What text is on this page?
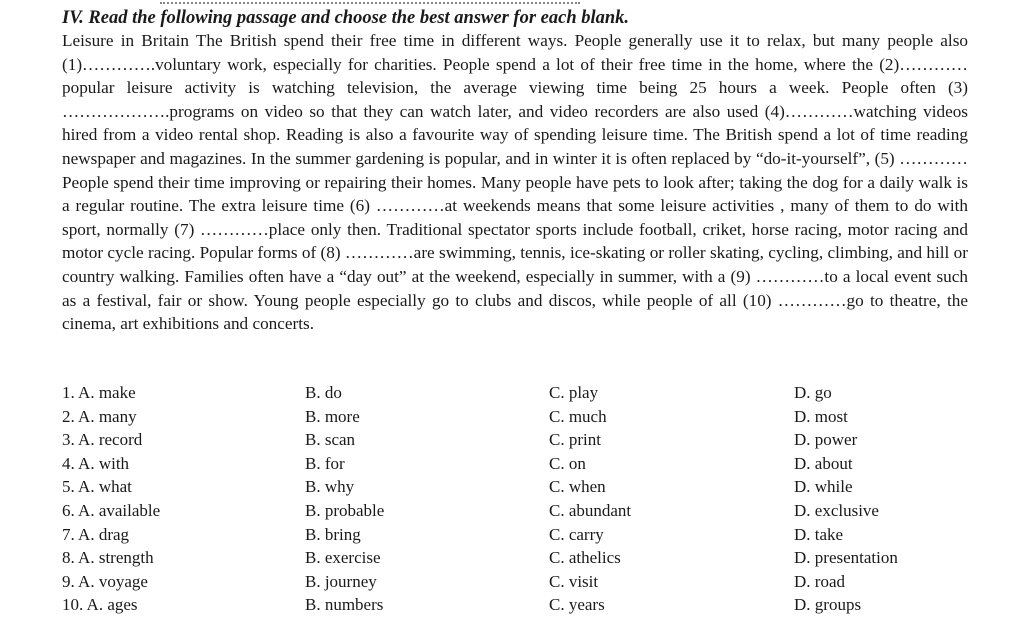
IV. Read the following passage and choose the best answer for each blank.
Leisure in Britain The British spend their free time in different ways. People generally use it to relax, but many people also (1)………….voluntary work, especially for charities. People spend a lot of their free time in the home, where the (2)…………popular leisure activity is watching television, the average viewing time being 25 hours a week. People often (3) ……………….programs on video so that they can watch later, and video recorders are also used (4)…………watching videos hired from a video rental shop. Reading is also a favourite way of spending leisure time. The British spend a lot of time reading newspaper and magazines. In the summer gardening is popular, and in winter it is often replaced by “do-it-yourself”, (5) ………… People spend their time improving or repairing their homes. Many people have pets to look after; taking the dog for a daily walk is a regular routine. The extra leisure time (6) …………at weekends means that some leisure activities , many of them to do with sport, normally (7) …………place only then. Traditional spectator sports include football, criket, horse racing, motor racing and motor cycle racing. Popular forms of (8) …………are swimming, tennis, ice-skating or roller skating, cycling, climbing, and hill or country walking. Families often have a “day out” at the weekend, especially in summer, with a (9) …………to a local event such as a festival, fair or show. Young people especially go to clubs and discos, while people of all (10) …………go to theatre, the cinema, art exhibitions and concerts.
1. A. make	B. do	C. play	D. go
2. A. many	B. more	C. much	D. most
3. A. record	B. scan	C. print	D. power
4. A. with	B. for	C. on	D. about
5. A. what	B. why	C. when	D. while
6. A. available	B. probable	C. abundant	D. exclusive
7. A. drag	B. bring	C. carry	D. take
8. A. strength	B. exercise	C. athelics	D. presentation
9. A. voyage	B. journey	C. visit	D. road
10. A. ages	B. numbers	C. years	D. groups
